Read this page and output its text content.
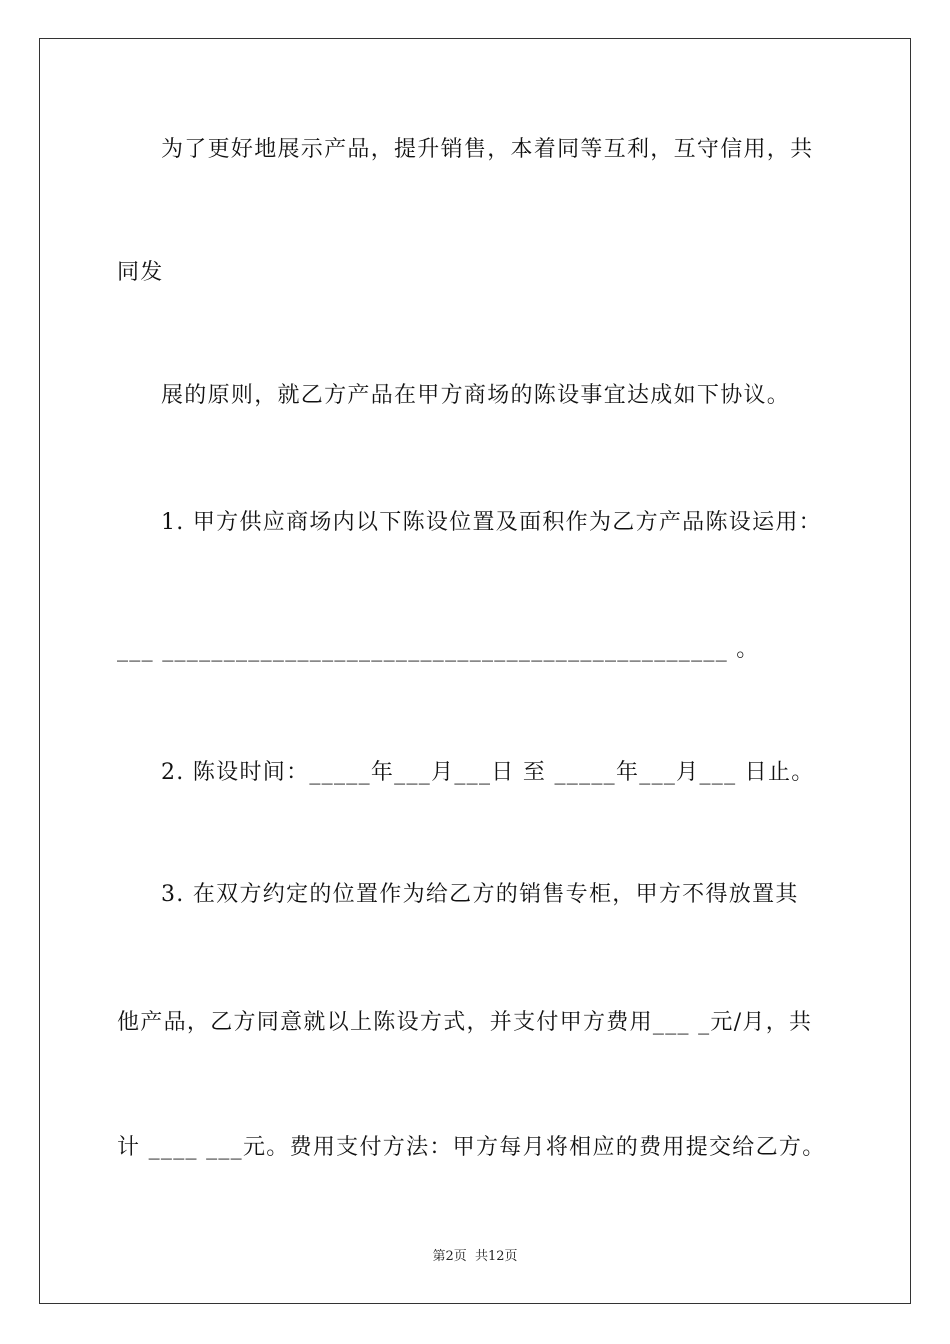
为了更好地展示产品，提升销售，本着同等互利，互守信用，共
同发
展的原则，就乙方产品在甲方商场的陈设事宜达成如下协议。
1. 甲方供应商场内以下陈设位置及面积作为乙方产品陈设运用：
___ ______________________________________________ 。
2. 陈设时间：_____年___月___日 至 _____年___月___ 日止。
3. 在双方约定的位置作为给乙方的销售专柜，甲方不得放置其
他产品，乙方同意就以上陈设方式，并支付甲方费用___ _元/月，共
计 ____ ___元。费用支付方法：甲方每月将相应的费用提交给乙方。
第2页  共12页
